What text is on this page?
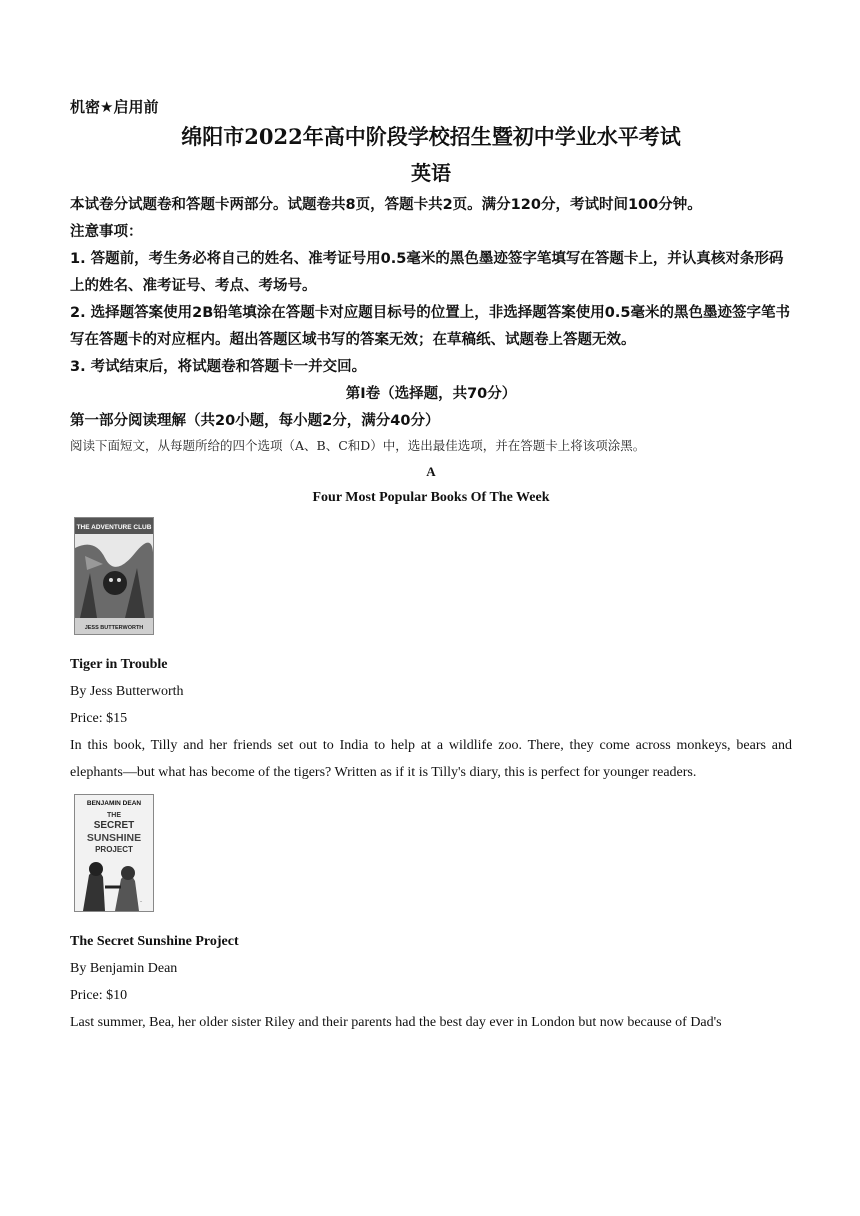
机密★启用前

绵阳市2022年高中阶段学校招生暨初中学业水平考试
英语

本试卷分试题卷和答题卡两部分。试题卷共8页，答题卡共2页。满分120分，考试时间100分钟。

注意事项：

1. 答题前，考生务必将自己的姓名、准考证号用0.5毫米的黑色墨迹签字笔填写在答题卡上，并认真核对条形码上的姓名、准考证号、考点、考场号。

2. 选择题答案使用2B铅笔填涂在答题卡对应题目标号的位置上，非选择题答案使用0.5毫米的黑色墨迹签字笔书写在答题卡的对应框内。超出答题区域书写的答案无效；在草稿纸、试题卷上答题无效。

3. 考试结束后，将试题卷和答题卡一并交回。

第I卷（选择题，共70分）

第一部分阅读理解（共20小题，每小题2分，满分40分）

阅读下面短文，从每题所给的四个选项（A、B、C和D）中，选出最佳选项，并在答题卡上将该项涂黑。

A

Four Most Popular Books Of The Week

THE ADVENTURE CLUB
JESS BUTTERWORTH

Tiger in Trouble

By Jess Butterworth

Price: $15

In this book, Tilly and her friends set out to India to help at a wildlife zoo. There, they come across monkeys, bears and elephants—but what has become of the tigers? Written as if it is Tilly's diary, this is perfect for younger readers.

BENJAMIN DEAN
THE
SECRET
SUNSHINE
PROJECT
~

The Secret Sunshine Project

By Benjamin Dean

Price: $10

Last summer, Bea, her older sister Riley and their parents had the best day ever in London but now because of Dad's
